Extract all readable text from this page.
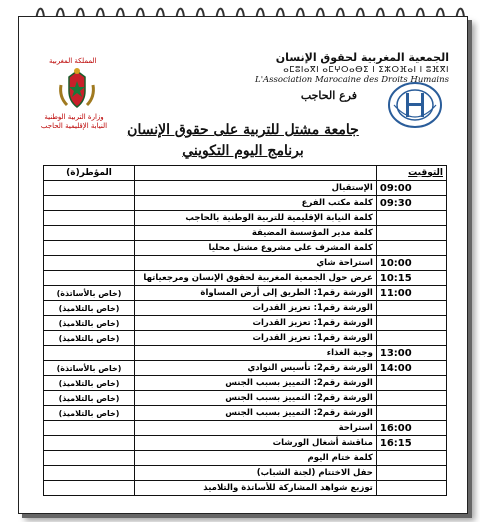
المملكة المغربية
وزارة التربية الوطنية
النيابة الإقليمية الحاجب
الجمعية المغربية لحقوق الإنسان
ⴰⵎⵓⵏⴰⴳⵏ ⴰⵎⵖⵔⴰⴱⵉ ⵏ ⵉⵣⵔⴼⴰⵏ ⵏ ⵓⴼⴳⵏ
L'Association Marocaine des Droits Humains
فرع الحاجب
جامعة مشتل للتربية على حقوق الإنسان
برنامج اليوم التكويني
المؤطر(ة)		التوقيت
	الإستقبال	09:00
	كلمة مكتب الفرع	09:30
	كلمة النيابة الإقليمية للتربية الوطنية بالحاجب	
	كلمة مدير المؤسسة المضيفة	
	كلمة المشرف على مشروع مشتل محليا	
	استراحة شاي	10:00
	عرض حول الجمعية المغربية لحقوق الإنسان ومرجعياتها	10:15
(خاص بالأساتذة)	الورشة رقم1: الطريق إلى أرض المساواة	11:00
(خاص بالتلاميذ)	الورشة رقم1: تعزيز القدرات	
(خاص بالتلاميذ)	الورشة رقم1: تعزيز القدرات	
(خاص بالتلاميذ)	الورشة رقم1: تعزيز القدرات	
	وجبة الغذاء	13:00
(خاص بالأساتذة)	الورشة رقم2: تأسيس النوادي	14:00
(خاص بالتلاميذ)	الورشة رقم2: التمييز بسبب الجنس	
(خاص بالتلاميذ)	الورشة رقم2: التمييز بسبب الجنس	
(خاص بالتلاميذ)	الورشة رقم2: التمييز بسبب الجنس	
	استراحة	16:00
	مناقشة أشغال الورشات	16:15
	كلمة ختام اليوم	
	حفل الاختتام (لجنة الشباب)	
	توزيع شواهد المشاركة للأساتذة والتلاميذ	
